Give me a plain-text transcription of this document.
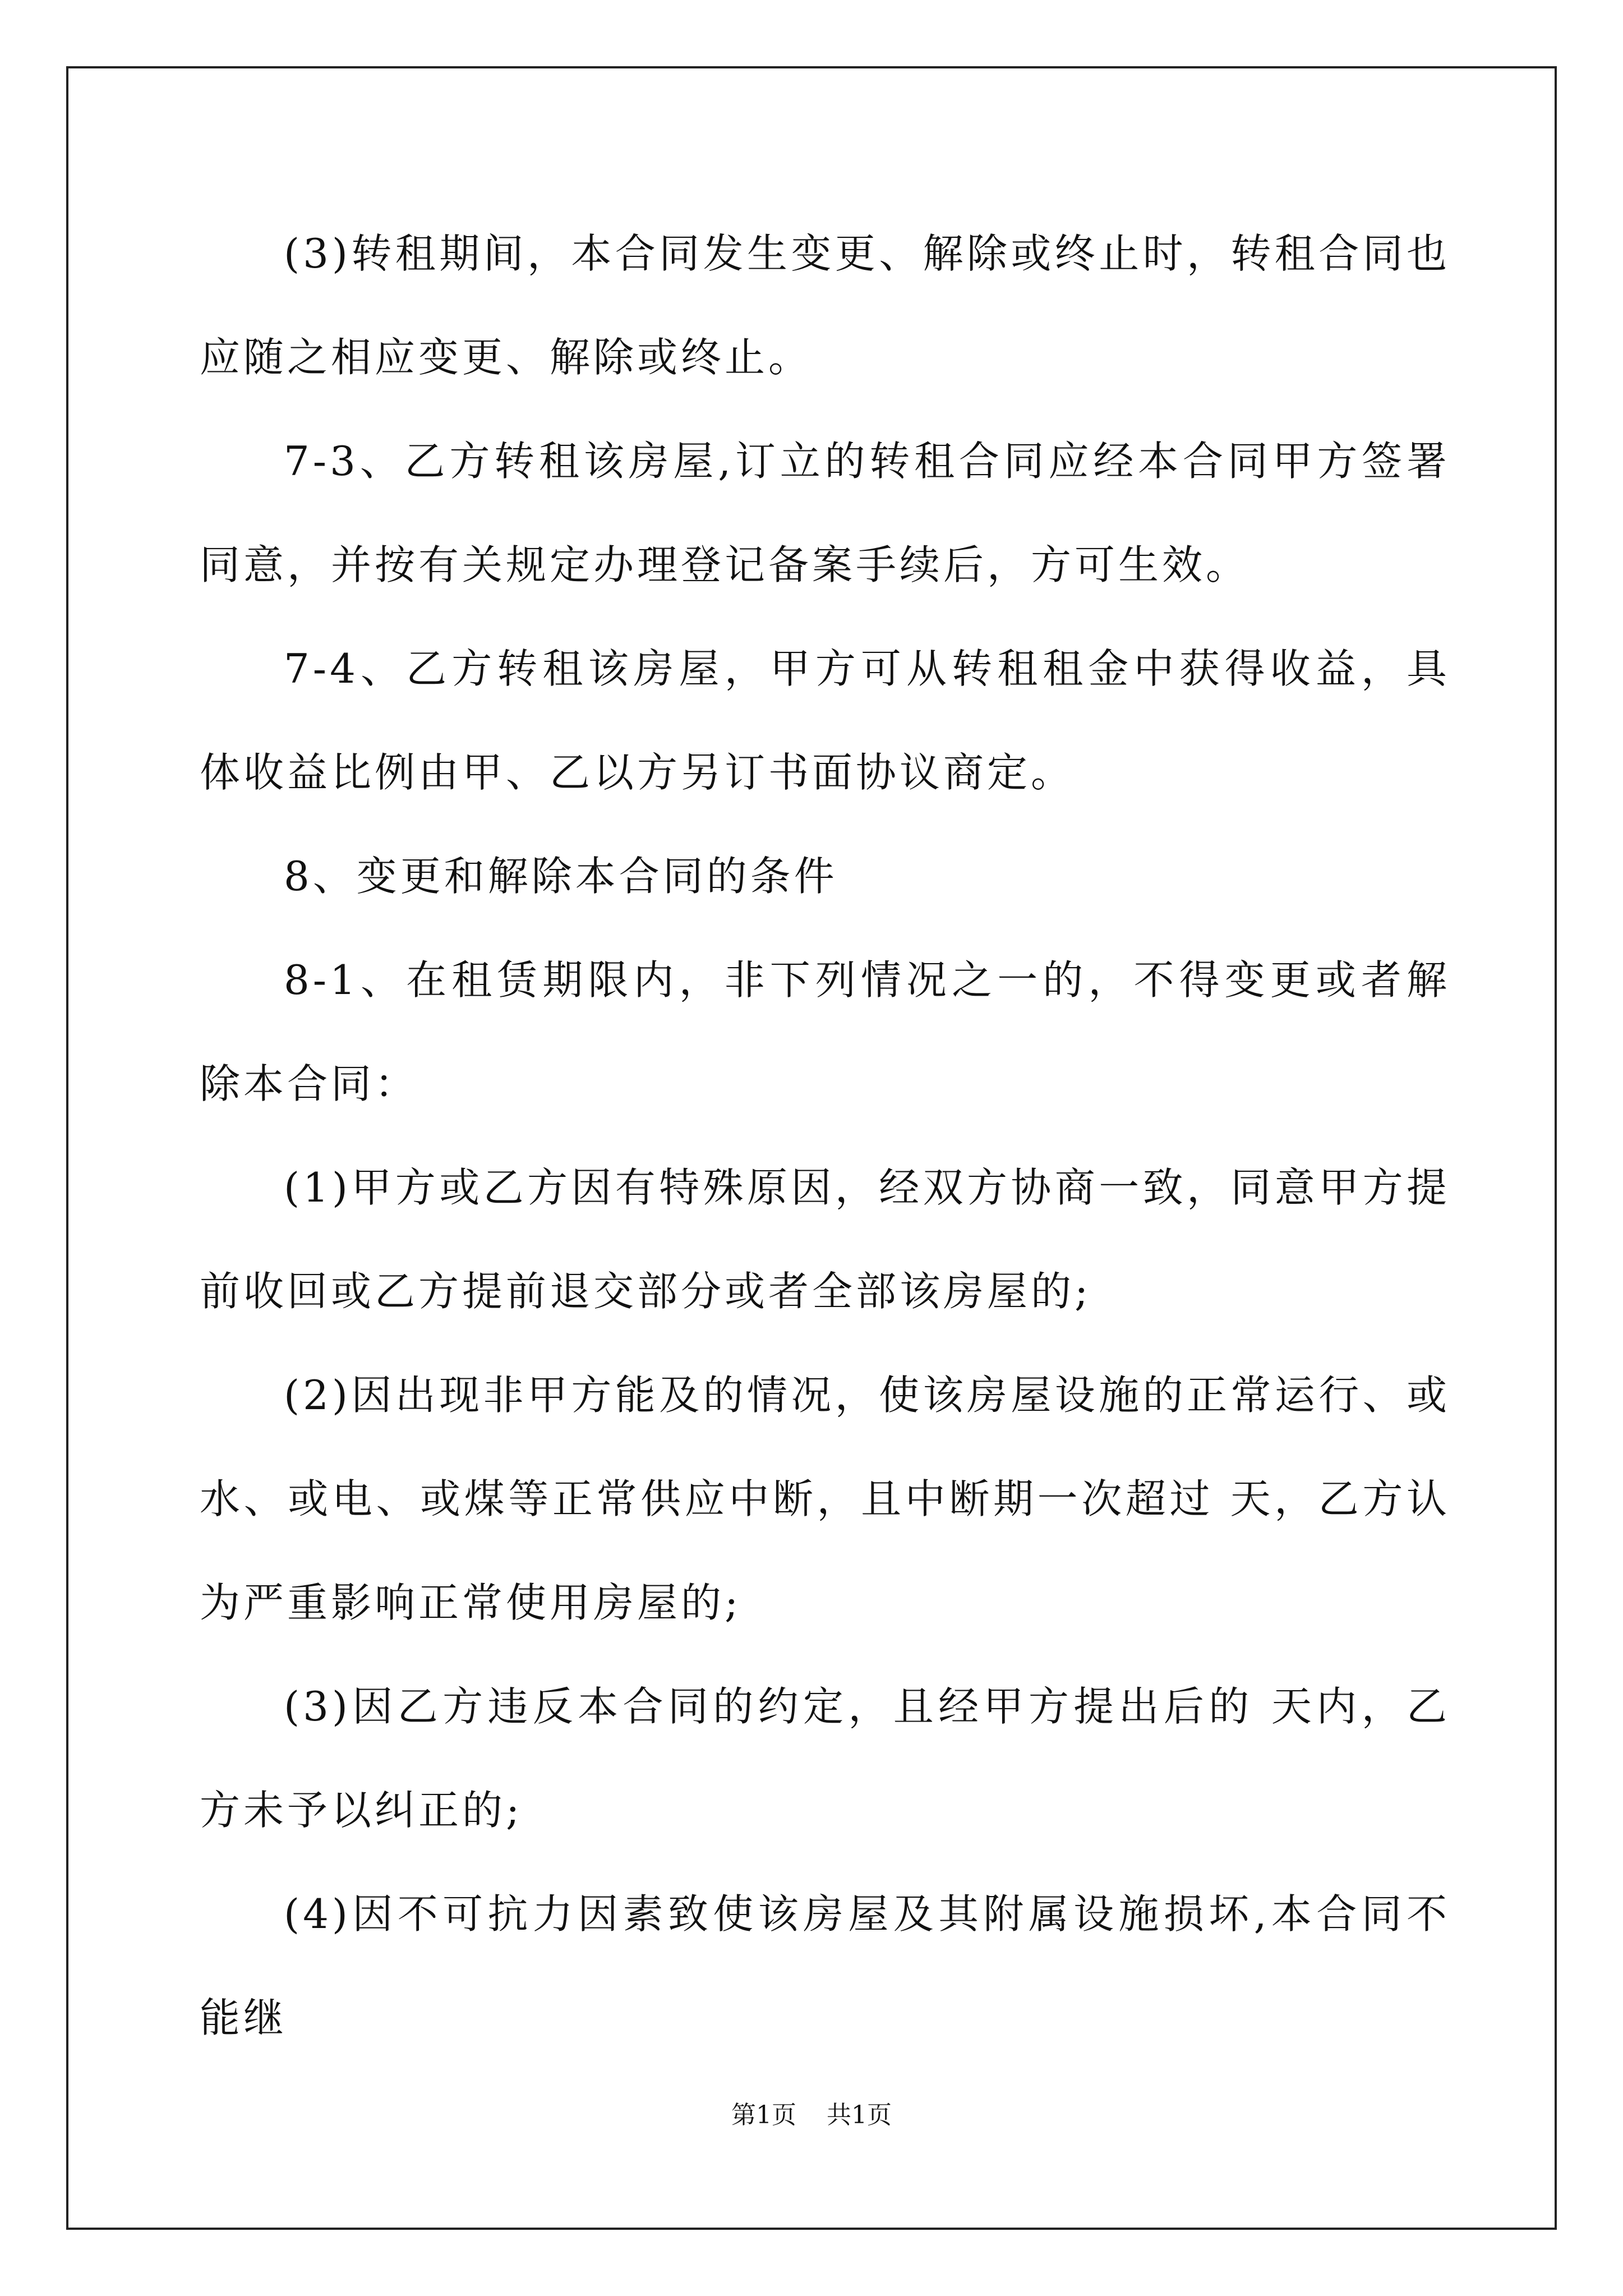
(3)转租期间，本合同发生变更、解除或终止时，转租合同也应随之相应变更、解除或终止。

7-3、乙方转租该房屋,订立的转租合同应经本合同甲方签署同意，并按有关规定办理登记备案手续后，方可生效。

7-4、乙方转租该房屋，甲方可从转租租金中获得收益，具体收益比例由甲、乙以方另订书面协议商定。

8、变更和解除本合同的条件

8-1、在租赁期限内，非下列情况之一的，不得变更或者解除本合同：

(1)甲方或乙方因有特殊原因，经双方协商一致，同意甲方提前收回或乙方提前退交部分或者全部该房屋的;

(2)因出现非甲方能及的情况，使该房屋设施的正常运行、或水、或电、或煤等正常供应中断，且中断期一次超过 天，乙方认为严重影响正常使用房屋的;

(3)因乙方违反本合同的约定，且经甲方提出后的 天内，乙方未予以纠正的;

(4)因不可抗力因素致使该房屋及其附属设施损坏,本合同不能继

第1页 共1页
